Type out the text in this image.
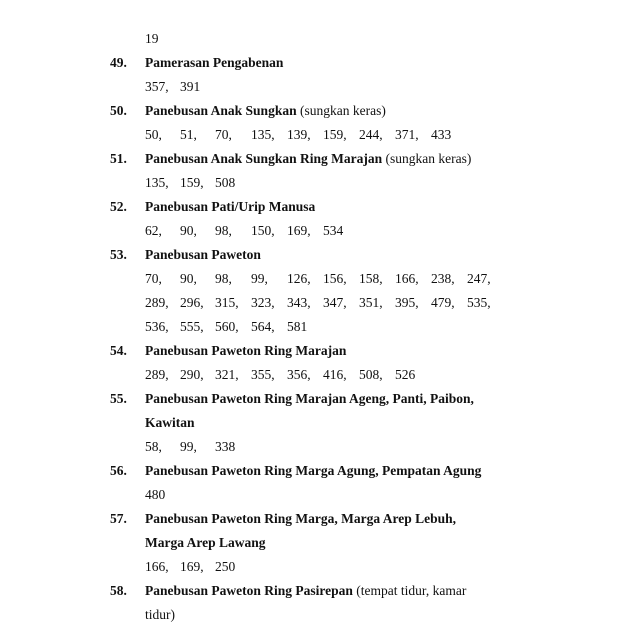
19
49. Pamerasan Pengabenan
357, 391
50. Panebusan Anak Sungkan (sungkan keras)
50, 51, 70, 135, 139, 159, 244, 371, 433
51. Panebusan Anak Sungkan Ring Marajan (sungkan keras)
135, 159, 508
52. Panebusan Pati/Urip Manusa
62, 90, 98, 150, 169, 534
53. Panebusan Paweton
70, 90, 98, 99, 126, 156, 158, 166, 238, 247,
289, 296, 315, 323, 343, 347, 351, 395, 479, 535,
536, 555, 560, 564, 581
54. Panebusan Paweton Ring Marajan
289, 290, 321, 355, 356, 416, 508, 526
55. Panebusan Paweton Ring Marajan Ageng, Panti, Paibon,
Kawitan
58, 99, 338
56. Panebusan Paweton Ring Marga Agung, Pempatan Agung
480
57. Panebusan Paweton Ring Marga, Marga Arep Lebuh,
Marga Arep Lawang
166, 169, 250
58. Panebusan Paweton Ring Pasirepan (tempat tidur, kamar
tidur)
